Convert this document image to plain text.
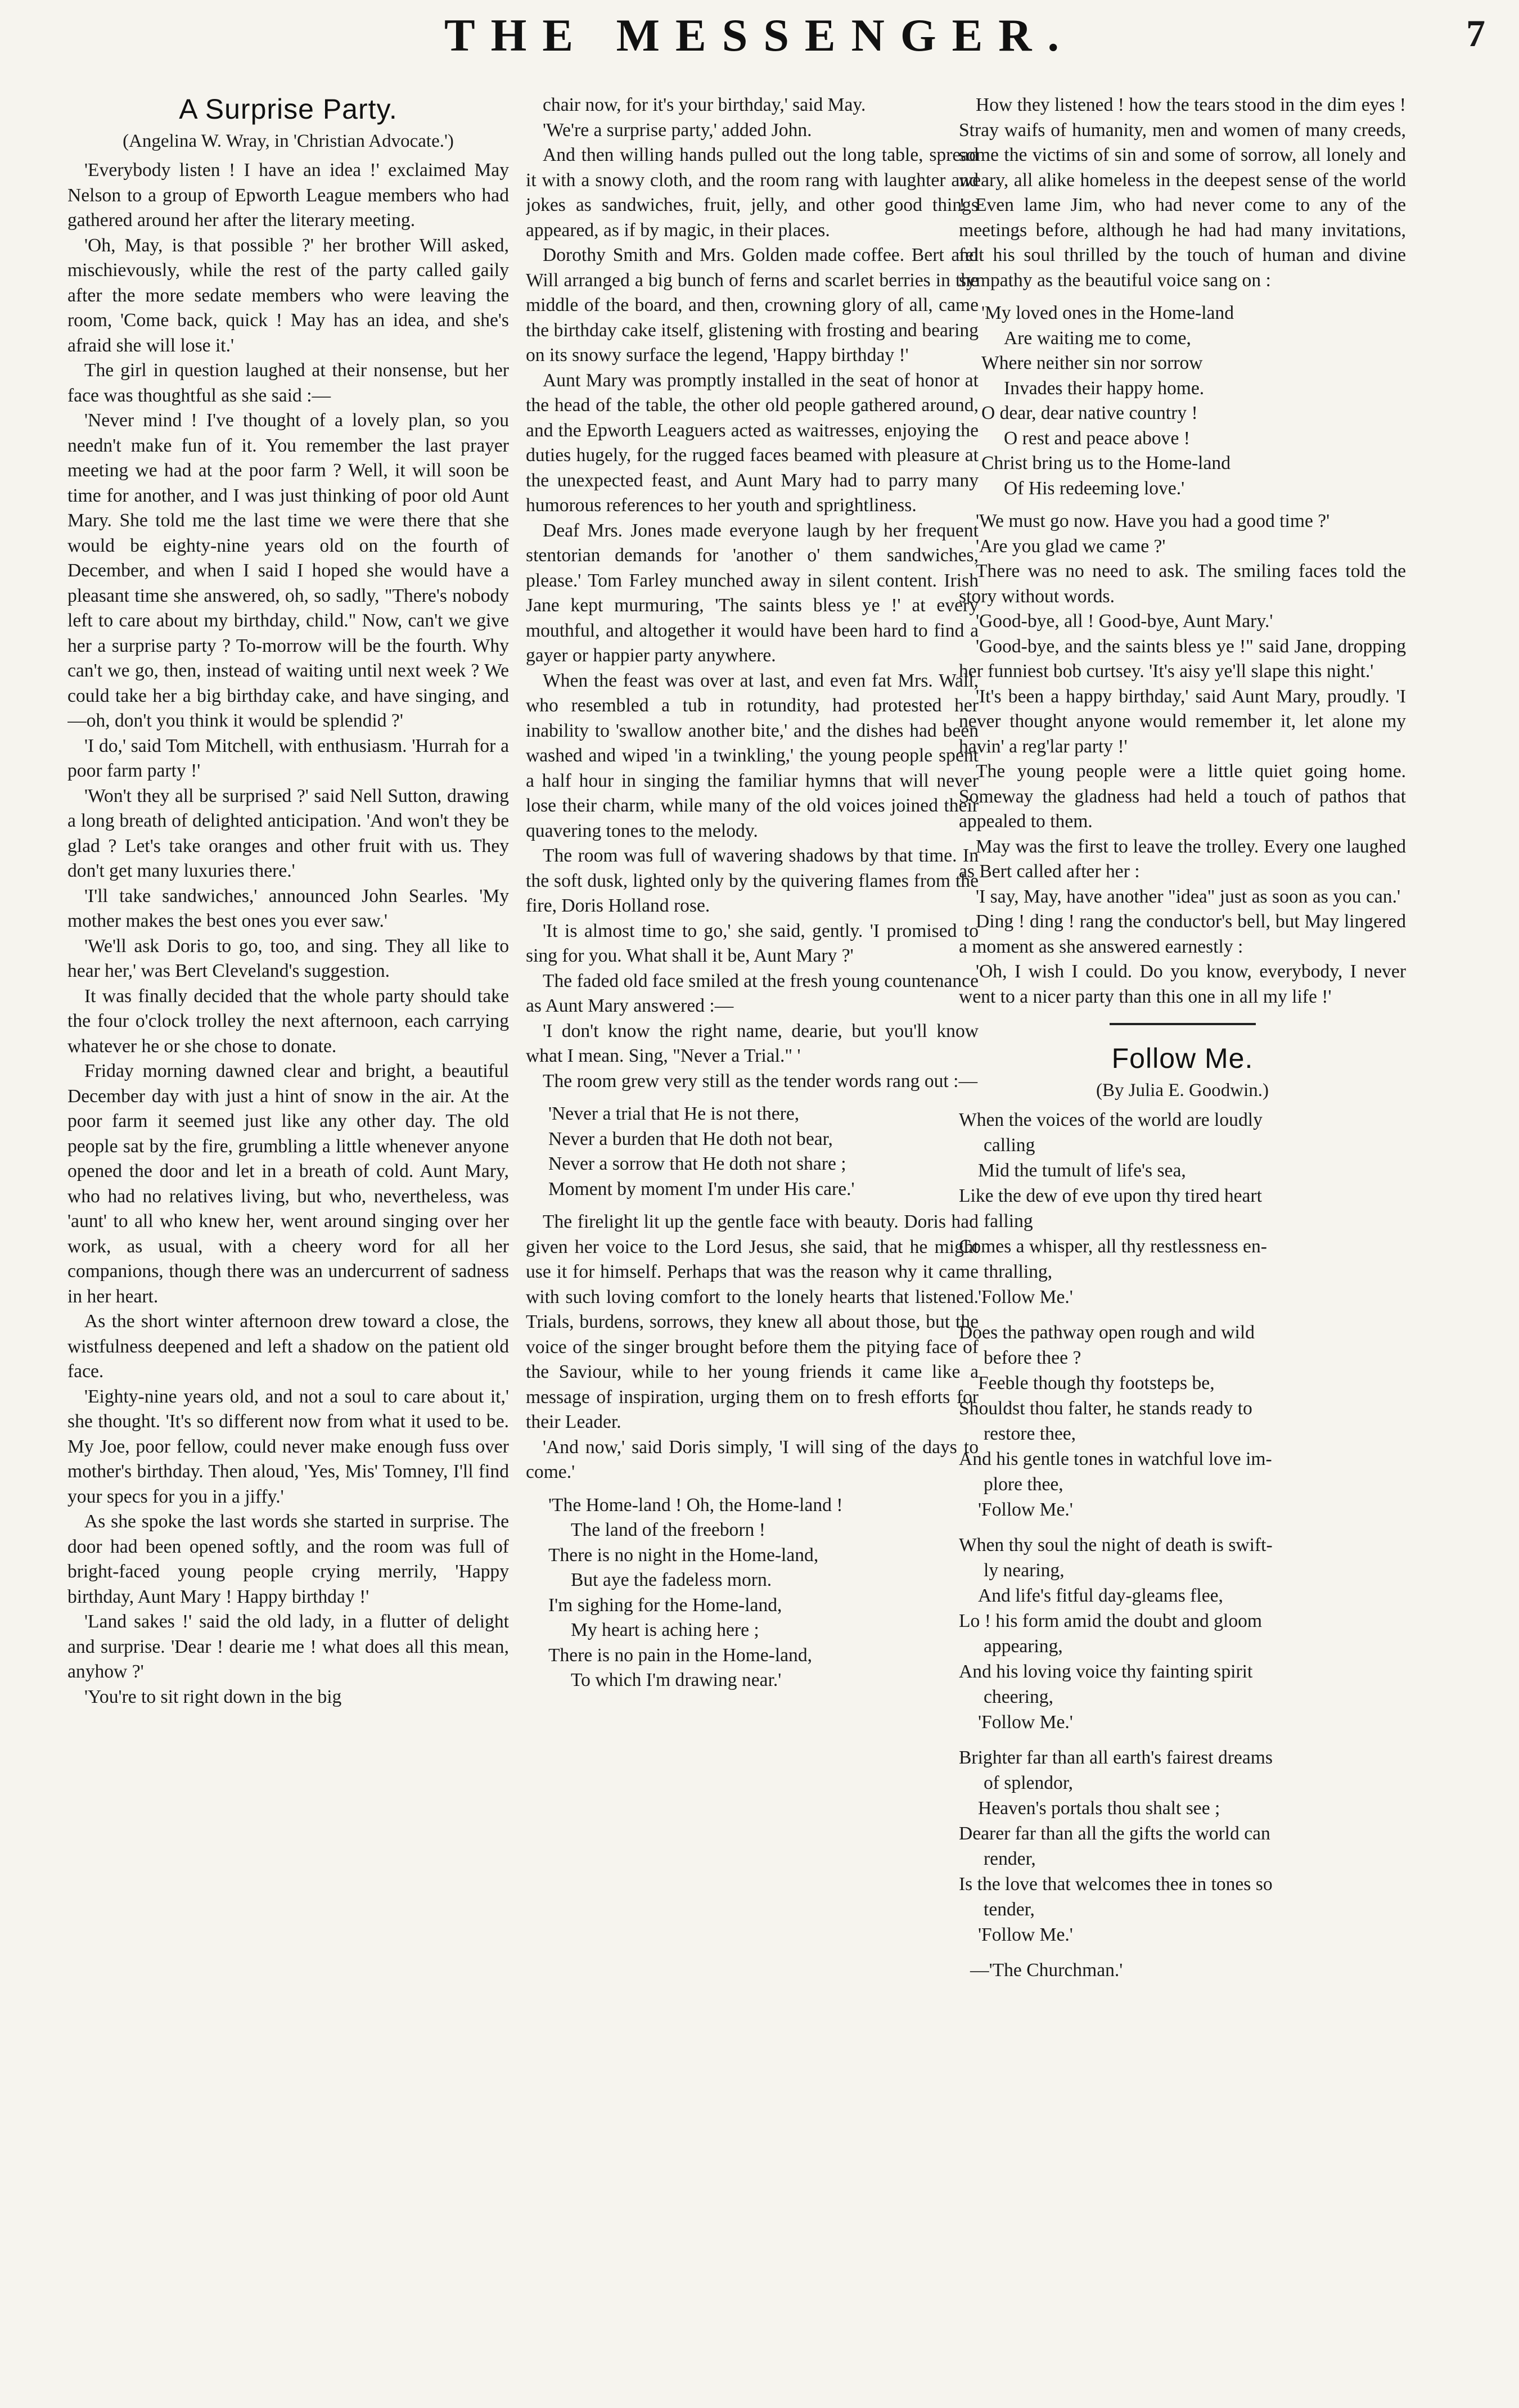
THE MESSENGER.	7
A Surprise Party.
(Angelina W. Wray, in 'Christian Advocate.')

'Everybody listen ! I have an idea !' exclaimed May Nelson to a group of Epworth League members who had gathered around her after the literary meeting.

'Oh, May, is that possible ?' her brother Will asked, mischievously, while the rest of the party called gaily after the more sedate members who were leaving the room, 'Come back, quick ! May has an idea, and she's afraid she will lose it.'

The girl in question laughed at their nonsense, but her face was thoughtful as she said :—

'Never mind ! I've thought of a lovely plan, so you needn't make fun of it. You remember the last prayer meeting we had at the poor farm ? Well, it will soon be time for another, and I was just thinking of poor old Aunt Mary. She told me the last time we were there that she would be eighty-nine years old on the fourth of December, and when I said I hoped she would have a pleasant time she answered, oh, so sadly, "There's nobody left to care about my birthday, child." Now, can't we give her a surprise party ? To-morrow will be the fourth. Why can't we go, then, instead of waiting until next week ? We could take her a big birthday cake, and have singing, and—oh, don't you think it would be splendid ?'

'I do,' said Tom Mitchell, with enthusiasm. 'Hurrah for a poor farm party !'

'Won't they all be surprised ?' said Nell Sutton, drawing a long breath of delighted anticipation. 'And won't they be glad ? Let's take oranges and other fruit with us. They don't get many luxuries there.'

'I'll take sandwiches,' announced John Searles. 'My mother makes the best ones you ever saw.'

'We'll ask Doris to go, too, and sing. They all like to hear her,' was Bert Cleveland's suggestion.

It was finally decided that the whole party should take the four o'clock trolley the next afternoon, each carrying whatever he or she chose to donate.

Friday morning dawned clear and bright, a beautiful December day with just a hint of snow in the air. At the poor farm it seemed just like any other day. The old people sat by the fire, grumbling a little whenever anyone opened the door and let in a breath of cold. Aunt Mary, who had no relatives living, but who, nevertheless, was 'aunt' to all who knew her, went around singing over her work, as usual, with a cheery word for all her companions, though there was an undercurrent of sadness in her heart.

As the short winter afternoon drew toward a close, the wistfulness deepened and left a shadow on the patient old face.

'Eighty-nine years old, and not a soul to care about it,' she thought. 'It's so different now from what it used to be. My Joe, poor fellow, could never make enough fuss over mother's birthday. Then aloud, 'Yes, Mis' Tomney, I'll find your specs for you in a jiffy.'

As she spoke the last words she started in surprise. The door had been opened softly, and the room was full of bright-faced young people crying merrily, 'Happy birthday, Aunt Mary ! Happy birthday !'

'Land sakes !' said the old lady, in a flutter of delight and surprise. 'Dear ! dearie me ! what does all this mean, anyhow ?'

'You're to sit right down in the big

chair now, for it's your birthday,' said May.

'We're a surprise party,' added John.

And then willing hands pulled out the long table, spread it with a snowy cloth, and the room rang with laughter and jokes as sandwiches, fruit, jelly, and other good things appeared, as if by magic, in their places.

Dorothy Smith and Mrs. Golden made coffee. Bert and Will arranged a big bunch of ferns and scarlet berries in the middle of the board, and then, crowning glory of all, came the birthday cake itself, glistening with frosting and bearing on its snowy surface the legend, 'Happy birthday !'

Aunt Mary was promptly installed in the seat of honor at the head of the table, the other old people gathered around, and the Epworth Leaguers acted as waitresses, enjoying the duties hugely, for the rugged faces beamed with pleasure at the unexpected feast, and Aunt Mary had to parry many humorous references to her youth and sprightliness.

Deaf Mrs. Jones made everyone laugh by her frequent stentorian demands for 'another o' them sandwiches, please.' Tom Farley munched away in silent content. Irish Jane kept murmuring, 'The saints bless ye !' at every mouthful, and altogether it would have been hard to find a gayer or happier party anywhere.

When the feast was over at last, and even fat Mrs. Wall, who resembled a tub in rotundity, had protested her inability to 'swallow another bite,' and the dishes had been washed and wiped 'in a twinkling,' the young people spent a half hour in singing the familiar hymns that will never lose their charm, while many of the old voices joined their quavering tones to the melody.

The room was full of wavering shadows by that time. In the soft dusk, lighted only by the quivering flames from the fire, Doris Holland rose.

'It is almost time to go,' she said, gently. 'I promised to sing for you. What shall it be, Aunt Mary ?'

The faded old face smiled at the fresh young countenance as Aunt Mary answered :—

'I don't know the right name, dearie, but you'll know what I mean. Sing, "Never a Trial." '

The room grew very still as the tender words rang out :—

'Never a trial that He is not there,
Never a burden that He doth not bear,
Never a sorrow that He doth not share ;
Moment by moment I'm under His care.'

The firelight lit up the gentle face with beauty. Doris had given her voice to the Lord Jesus, she said, that he might use it for himself. Perhaps that was the reason why it came with such loving comfort to the lonely hearts that listened. Trials, burdens, sorrows, they knew all about those, but the voice of the singer brought before them the pitying face of the Saviour, while to her young friends it came like a message of inspiration, urging them on to fresh efforts for their Leader.

'And now,' said Doris simply, 'I will sing of the days to come.'

'The Home-land ! Oh, the Home-land !
The land of the freeborn !
There is no night in the Home-land,
But aye the fadeless morn.
I'm sighing for the Home-land,
My heart is aching here ;
There is no pain in the Home-land,
To which I'm drawing near.'

How they listened ! how the tears stood in the dim eyes ! Stray waifs of humanity, men and women of many creeds, some the victims of sin and some of sorrow, all lonely and weary, all alike homeless in the deepest sense of the world ! Even lame Jim, who had never come to any of the meetings before, although he had had many invitations, felt his soul thrilled by the touch of human and divine sympathy as the beautiful voice sang on :

'My loved ones in the Home-land
Are waiting me to come,
Where neither sin nor sorrow
Invades their happy home.
O dear, dear native country !
O rest and peace above !
Christ bring us to the Home-land
Of His redeeming love.'

'We must go now. Have you had a good time ?'

'Are you glad we came ?'

There was no need to ask. The smiling faces told the story without words.

'Good-bye, all ! Good-bye, Aunt Mary.'

'Good-bye, and the saints bless ye !" said Jane, dropping her funniest bob curtsey. 'It's aisy ye'll slape this night.'

'It's been a happy birthday,' said Aunt Mary, proudly. 'I never thought anyone would remember it, let alone my havin' a reg'lar party !'

The young people were a little quiet going home. Someway the gladness had held a touch of pathos that appealed to them.

May was the first to leave the trolley. Every one laughed as Bert called after her :

'I say, May, have another "idea" just as soon as you can.'

Ding ! ding ! rang the conductor's bell, but May lingered a moment as she answered earnestly :

'Oh, I wish I could. Do you know, everybody, I never went to a nicer party than this one in all my life !'

Follow Me.
(By Julia E. Goodwin.)
When the voices of the world are loudly
calling
Mid the tumult of life's sea,
Like the dew of eve upon thy tired heart
falling
Comes a whisper, all thy restlessness en-
thralling,
'Follow Me.'
Does the pathway open rough and wild
before thee ?
Feeble though thy footsteps be,
Shouldst thou falter, he stands ready to
restore thee,
And his gentle tones in watchful love im-
plore thee,
'Follow Me.'
When thy soul the night of death is swift-
ly nearing,
And life's fitful day-gleams flee,
Lo ! his form amid the doubt and gloom
appearing,
And his loving voice thy fainting spirit
cheering,
'Follow Me.'
Brighter far than all earth's fairest dreams
of splendor,
Heaven's portals thou shalt see ;
Dearer far than all the gifts the world can
render,
Is the love that welcomes thee in tones so
tender,
'Follow Me.'
—'The Churchman.'
